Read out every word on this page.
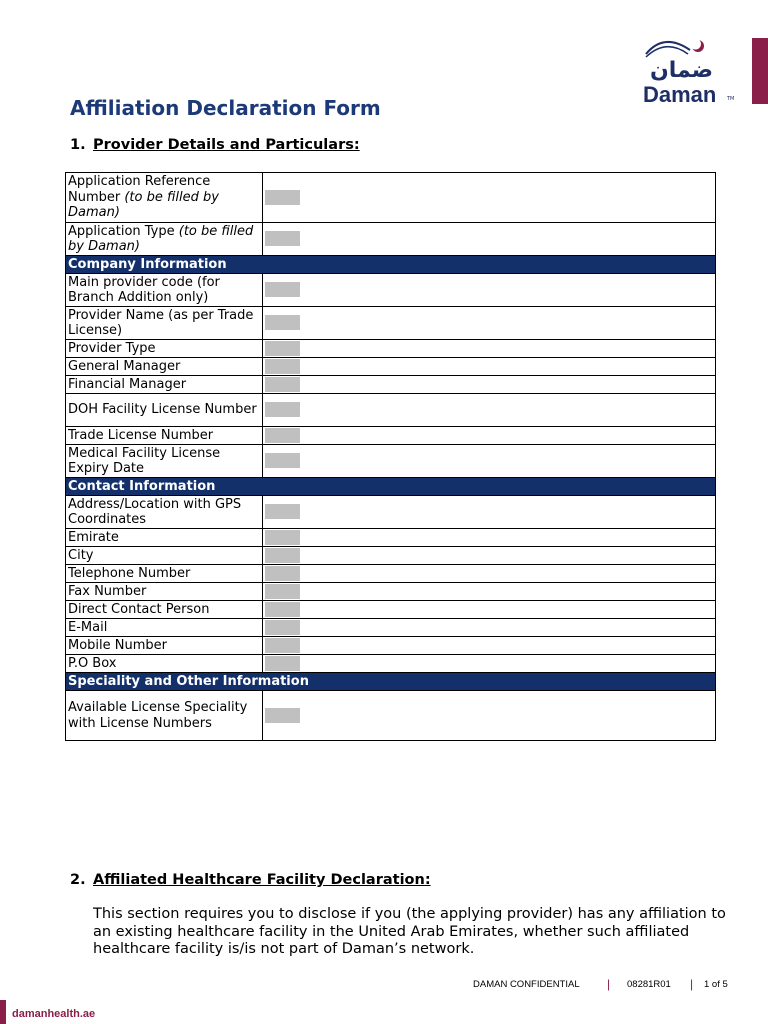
ضمان
Daman TM
Affiliation Declaration Form
1. Provider Details and Particulars:
Application Reference Number (to be filled by Daman)	
Application Type (to be filled by Daman)	
Company Information	
Main provider code (for Branch Addition only)	
Provider Name (as per Trade License)	
Provider Type	
General Manager	
Financial Manager	
DOH Facility License Number	
Trade License Number	
Medical Facility License Expiry Date	
Contact Information	
Address/Location with GPS Coordinates	
Emirate	
City	
Telephone Number	
Fax Number	
Direct Contact Person	
E-Mail	
Mobile Number	
P.O Box	
Speciality and Other Information	
Available License Speciality with License Numbers	
2. Affiliated Healthcare Facility Declaration:
This section requires you to disclose if you (the applying provider) has any affiliation to an existing healthcare facility in the United Arab Emirates, whether such affiliated healthcare facility is/is not part of Daman’s network.
DAMAN CONFIDENTIAL | 08281R01 | 1 of 5
damanhealth.ae
